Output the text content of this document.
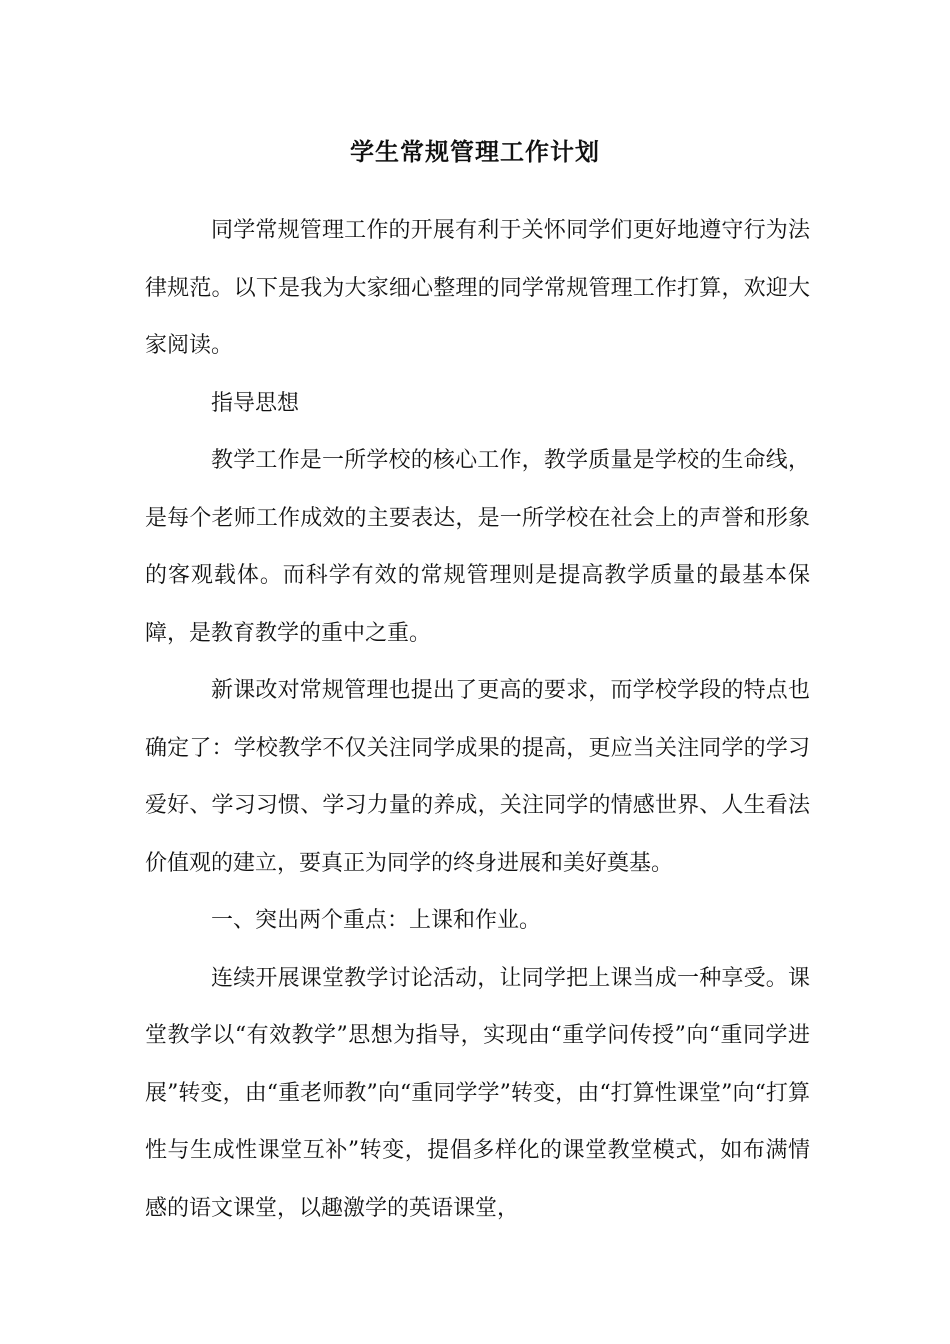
学生常规管理工作计划

同学常规管理工作的开展有利于关怀同学们更好地遵守行为法律规范。以下是我为大家细心整理的同学常规管理工作打算，欢迎大家阅读。

指导思想

教学工作是一所学校的核心工作，教学质量是学校的生命线，是每个老师工作成效的主要表达，是一所学校在社会上的声誉和形象的客观载体。而科学有效的常规管理则是提高教学质量的最基本保障，是教育教学的重中之重。

新课改对常规管理也提出了更高的要求，而学校学段的特点也确定了：学校教学不仅关注同学成果的提高，更应当关注同学的学习爱好、学习习惯、学习力量的养成，关注同学的情感世界、人生看法价值观的建立，要真正为同学的终身进展和美好奠基。

一、突出两个重点：上课和作业。

连续开展课堂教学讨论活动，让同学把上课当成一种享受。课堂教学以“有效教学”思想为指导，实现由“重学问传授”向“重同学进展”转变，由“重老师教”向“重同学学”转变，由“打算性课堂”向“打算性与生成性课堂互补”转变，提倡多样化的课堂教堂模式，如布满情感的语文课堂，以趣激学的英语课堂，
